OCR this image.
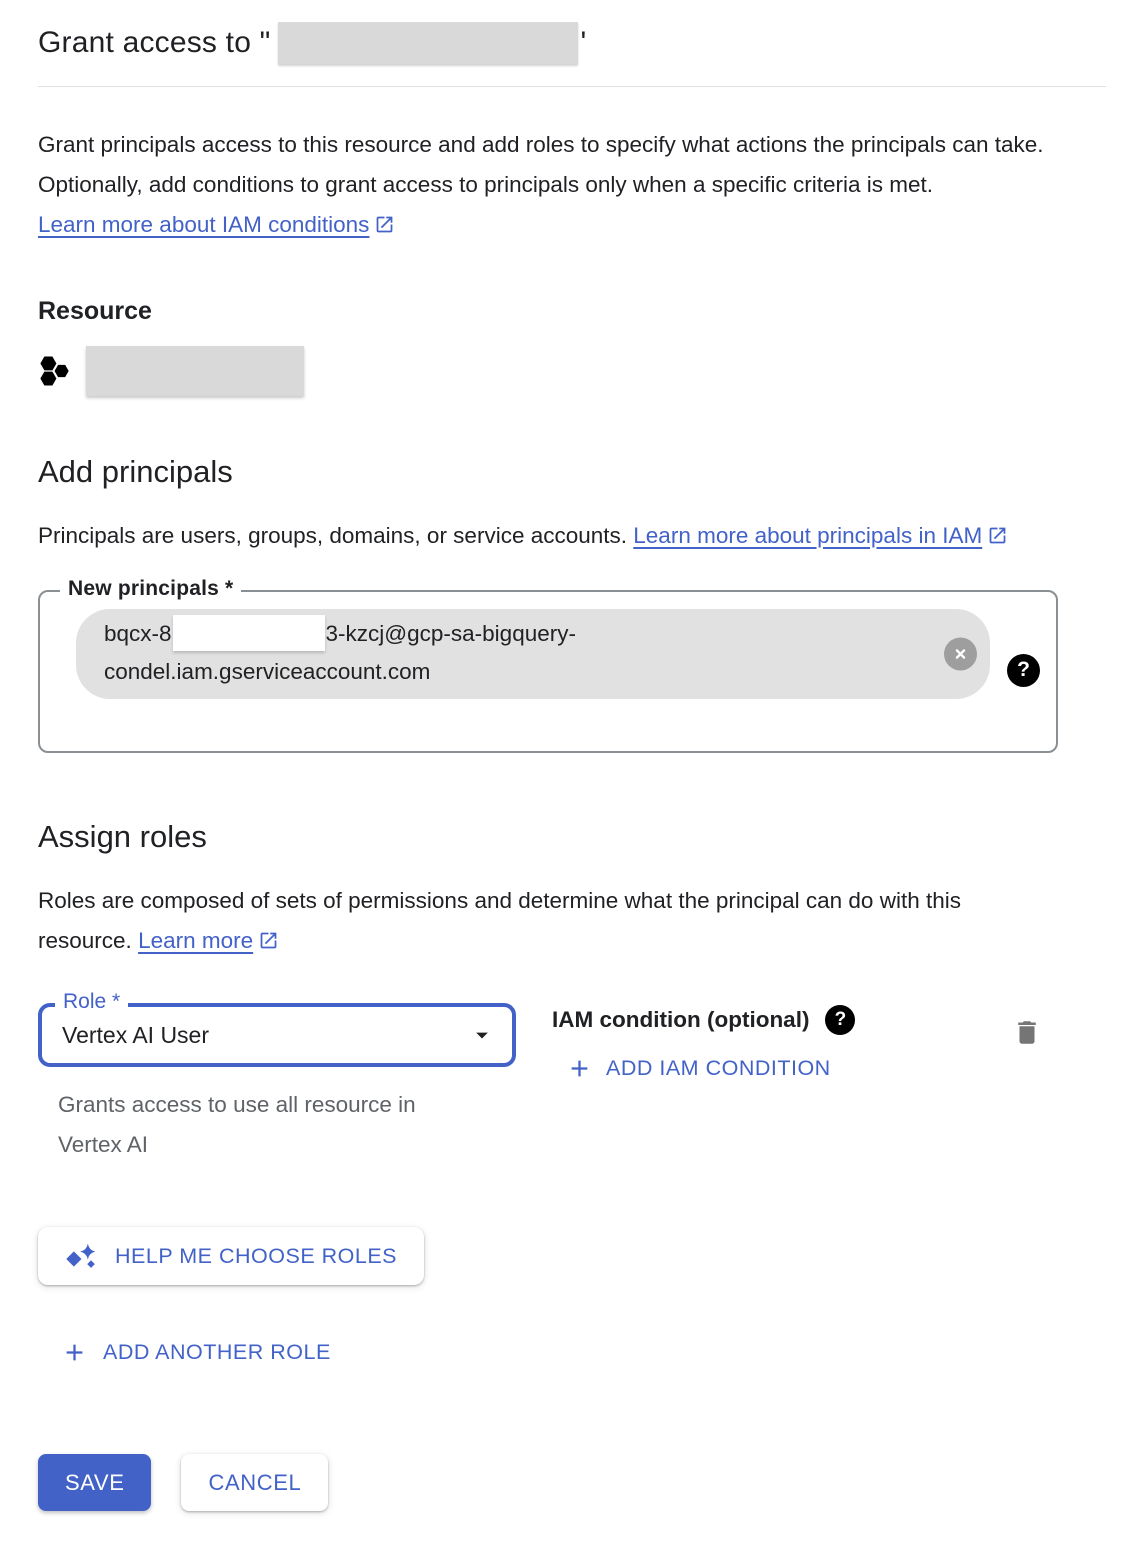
Grant access to "	'

Grant principals access to this resource and add roles to specify what actions the principals can take. Optionally, add conditions to grant access to principals only when a specific criteria is met. Learn more about IAM conditions

Resource
Add principals

Principals are users, groups, domains, or service accounts. Learn more about principals in IAM

New principals *
bqcx-8	3-kzcj@gcp-sa-bigquery-
condel.iam.gserviceaccount.com	?
Assign roles

Roles are composed of sets of permissions and determine what the principal can do with this resource. Learn more

Role *
Vertex AI User

Grants access to use all resource in Vertex AI

IAM condition (optional)	?
ADD IAM CONDITION
HELP ME CHOOSE ROLES
ADD ANOTHER ROLE
SAVE	CANCEL
